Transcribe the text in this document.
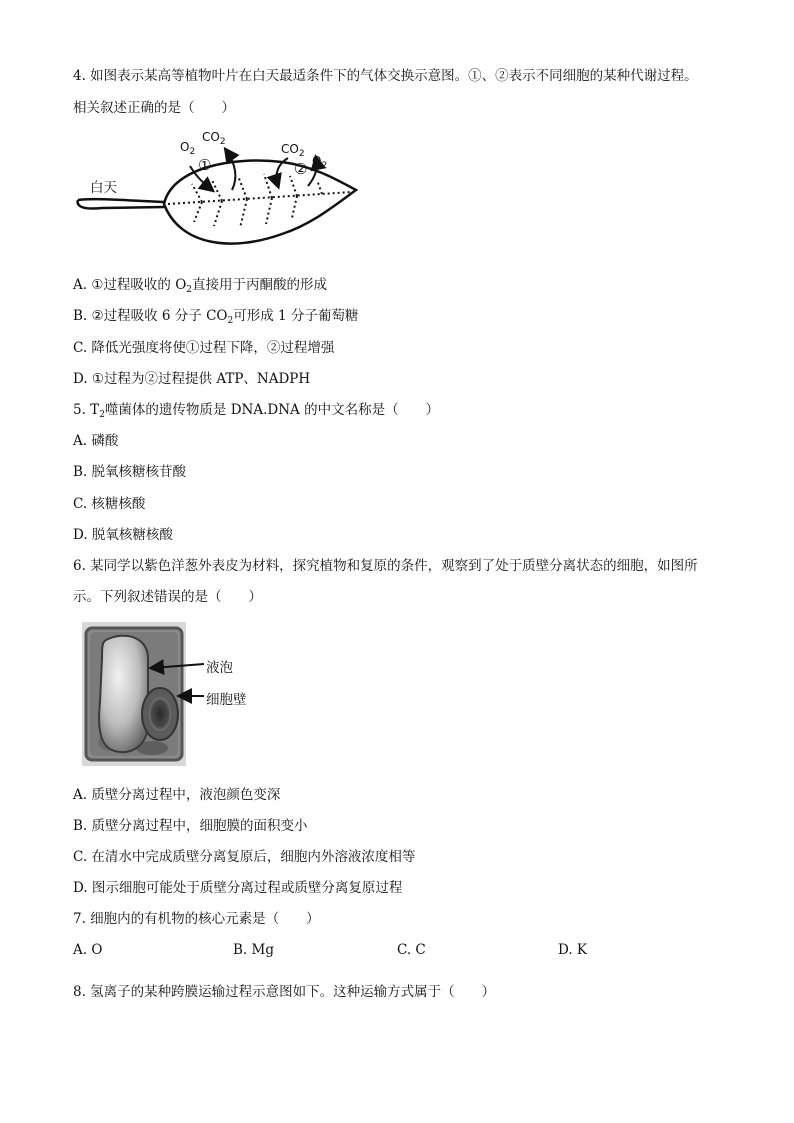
4. 如图表示某高等植物叶片在白天最适条件下的气体交换示意图。①、②表示不同细胞的某种代谢过程。
相关叙述正确的是（　　）
白天
$O_2$
$CO_2$
①
$CO_2$ $O_2$
②
A. ①过程吸收的 $O_2$直接用于丙酮酸的形成
B. ②过程吸收 6 分子 $CO_2$可形成 1 分子葡萄糖
C. 降低光强度将使①过程下降，②过程增强
D. ①过程为②过程提供 ATP、NADPH
5. $T_2$噬菌体的遗传物质是 DNA.DNA 的中文名称是（　　）
A. 磷酸
B. 脱氧核糖核苷酸
C. 核糖核酸
D. 脱氧核糖核酸
6. 某同学以紫色洋葱外表皮为材料，探究植物和复原的条件，观察到了处于质壁分离状态的细胞，如图所
示。下列叙述错误的是（　　）
液泡
细胞壁
A. 质壁分离过程中，液泡颜色变深
B. 质壁分离过程中，细胞膜的面积变小
C. 在清水中完成质壁分离复原后，细胞内外溶液浓度相等
D. 图示细胞可能处于质壁分离过程或质壁分离复原过程
7. 细胞内的有机物的核心元素是（　　）
A. O	B. Mg	C. C	D. K
8. 氢离子的某种跨膜运输过程示意图如下。这种运输方式属于（　　）
